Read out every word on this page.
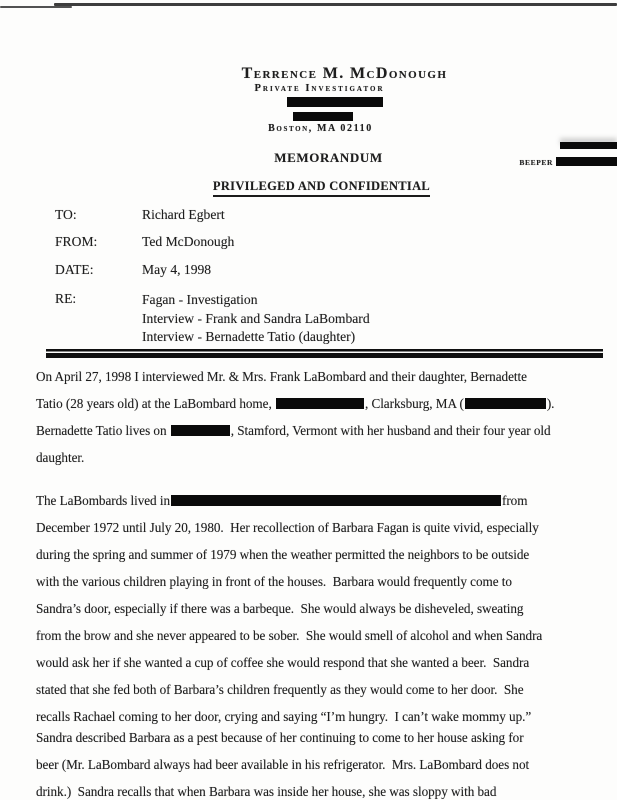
Terrence M. McDonough
Private Investigator
Boston, MA 02110
MEMORANDUM	BEEPER
PRIVILEGED AND CONFIDENTIAL
TO:	Richard Egbert
FROM:	Ted McDonough
DATE:	May 4, 1998
RE:	Fagan - Investigation
Interview - Frank and Sandra LaBombard
Interview - Bernadette Tatio (daughter)
On April 27, 1998 I interviewed Mr. & Mrs. Frank LaBombard and their daughter, Bernadette
Tatio (28 years old) at the LaBombard home,	, Clarksburg, MA (	).
Bernadette Tatio lives on	, Stamford, Vermont with her husband and their four year old
daughter.
The LaBombards lived in	from
December 1972 until July 20, 1980.  Her recollection of Barbara Fagan is quite vivid, especially
during the spring and summer of 1979 when the weather permitted the neighbors to be outside
with the various children playing in front of the houses.  Barbara would frequently come to
Sandra’s door, especially if there was a barbeque.  She would always be disheveled, sweating
from the brow and she never appeared to be sober.  She would smell of alcohol and when Sandra
would ask her if she wanted a cup of coffee she would respond that she wanted a beer.  Sandra
stated that she fed both of Barbara’s children frequently as they would come to her door.  She
recalls Rachael coming to her door, crying and saying “I’m hungry.  I can’t wake mommy up.”
Sandra described Barbara as a pest because of her continuing to come to her house asking for
beer (Mr. LaBombard always had beer available in his refrigerator.  Mrs. LaBombard does not
drink.)  Sandra recalls that when Barbara was inside her house, she was sloppy with bad
